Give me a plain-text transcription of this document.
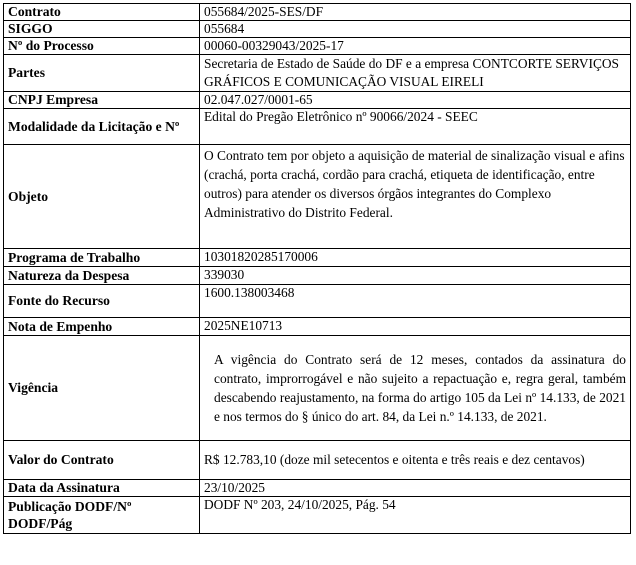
Contrato	055684/2025-SES/DF
SIGGO	055684
Nº do Processo	00060-00329043/2025-17
Partes	Secretaria de Estado de Saúde do DF e a empresa CONTCORTE SERVIÇOS GRÁFICOS E COMUNICAÇÃO VISUAL EIRELI
CNPJ Empresa	02.047.027/0001-65
Modalidade da Licitação e Nº	Edital do Pregão Eletrônico nº 90066/2024 - SEEC
Objeto	O Contrato tem por objeto a aquisição de material de sinalização visual e afins (crachá, porta crachá, cordão para crachá, etiqueta de identificação, entre outros) para atender os diversos órgãos integrantes do Complexo Administrativo do Distrito Federal.
Programa de Trabalho	10301820285170006
Natureza da Despesa	339030
Fonte do Recurso	1600.138003468
Nota de Empenho	2025NE10713
Vigência	A vigência do Contrato será de 12 meses, contados da assinatura do contrato, improrrogável e não sujeito a repactuação e, regra geral, também descabendo reajustamento, na forma do artigo 105 da Lei nº 14.133, de 2021 e nos termos do § único do art. 84, da Lei n.º 14.133, de 2021.
Valor do Contrato	R$ 12.783,10 (doze mil setecentos e oitenta e três reais e dez centavos)
Data da Assinatura	23/10/2025
Publicação DODF/Nº DODF/Pág	DODF Nº 203, 24/10/2025, Pág. 54
